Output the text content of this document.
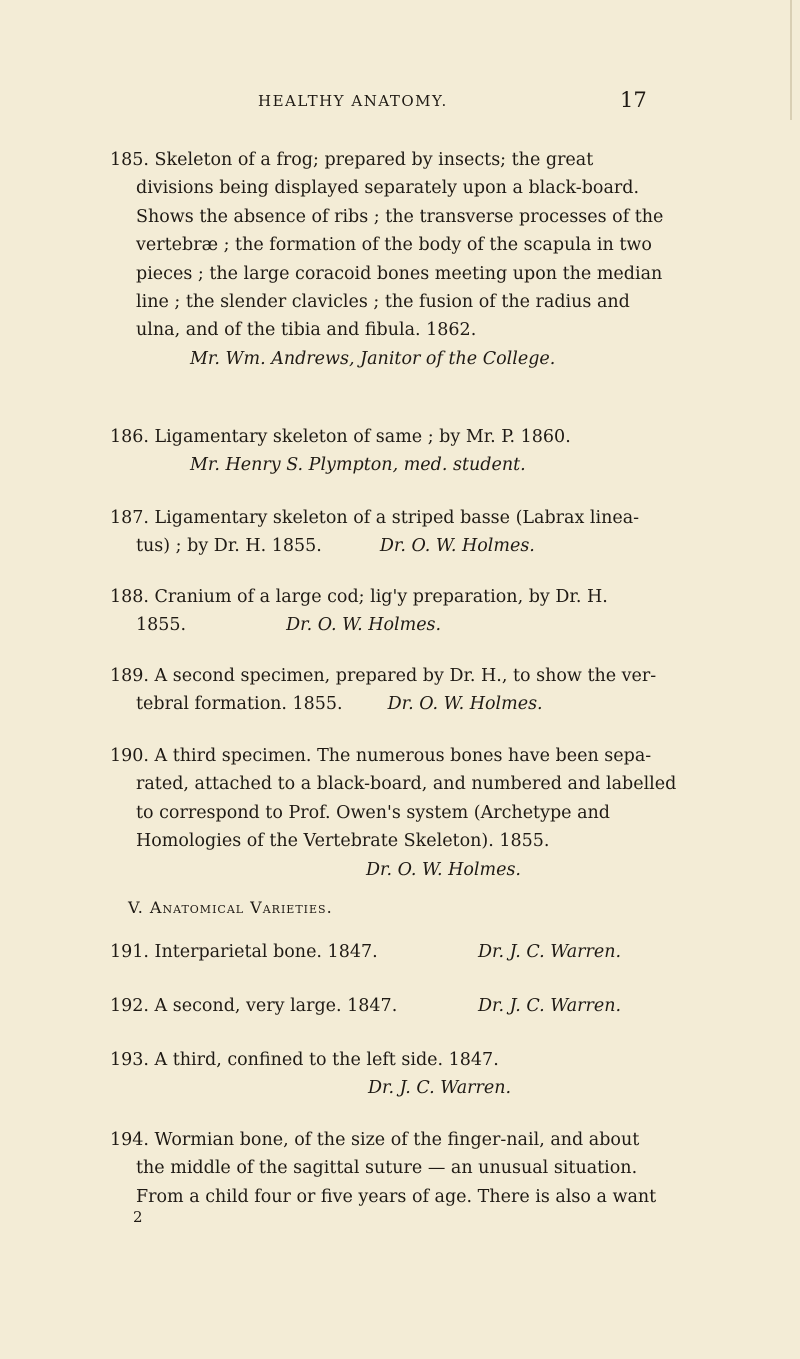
HEALTHY ANATOMY.	17
185. Skeleton of a frog; prepared by insects; the great
divisions being displayed separately upon a black-board.
Shows the absence of ribs ; the transverse processes of the
vertebræ ; the formation of the body of the scapula in two
pieces ; the large coracoid bones meeting upon the median
line ; the slender clavicles ; the fusion of the radius and
ulna, and of the tibia and fibula. 1862.
Mr. Wm. Andrews, Janitor of the College.
186. Ligamentary skeleton of same ; by Mr. P. 1860.
Mr. Henry S. Plympton, med. student.
187. Ligamentary skeleton of a striped basse (Labrax linea-
tus) ; by Dr. H. 1855.	Dr. O. W. Holmes.
188. Cranium of a large cod; lig'y preparation, by Dr. H.
1855.	Dr. O. W. Holmes.
189. A second specimen, prepared by Dr. H., to show the ver-
tebral formation. 1855.	Dr. O. W. Holmes.
190. A third specimen. The numerous bones have been sepa-
rated, attached to a black-board, and numbered and labelled
to correspond to Prof. Owen's system (Archetype and
Homologies of the Vertebrate Skeleton). 1855.
Dr. O. W. Holmes.
V. Anatomical Varieties.
191. Interparietal bone. 1847.	Dr. J. C. Warren.
192. A second, very large. 1847.	Dr. J. C. Warren.
193. A third, confined to the left side. 1847.
Dr. J. C. Warren.
194. Wormian bone, of the size of the finger-nail, and about
the middle of the sagittal suture — an unusual situation.
From a child four or five years of age. There is also a want
2
